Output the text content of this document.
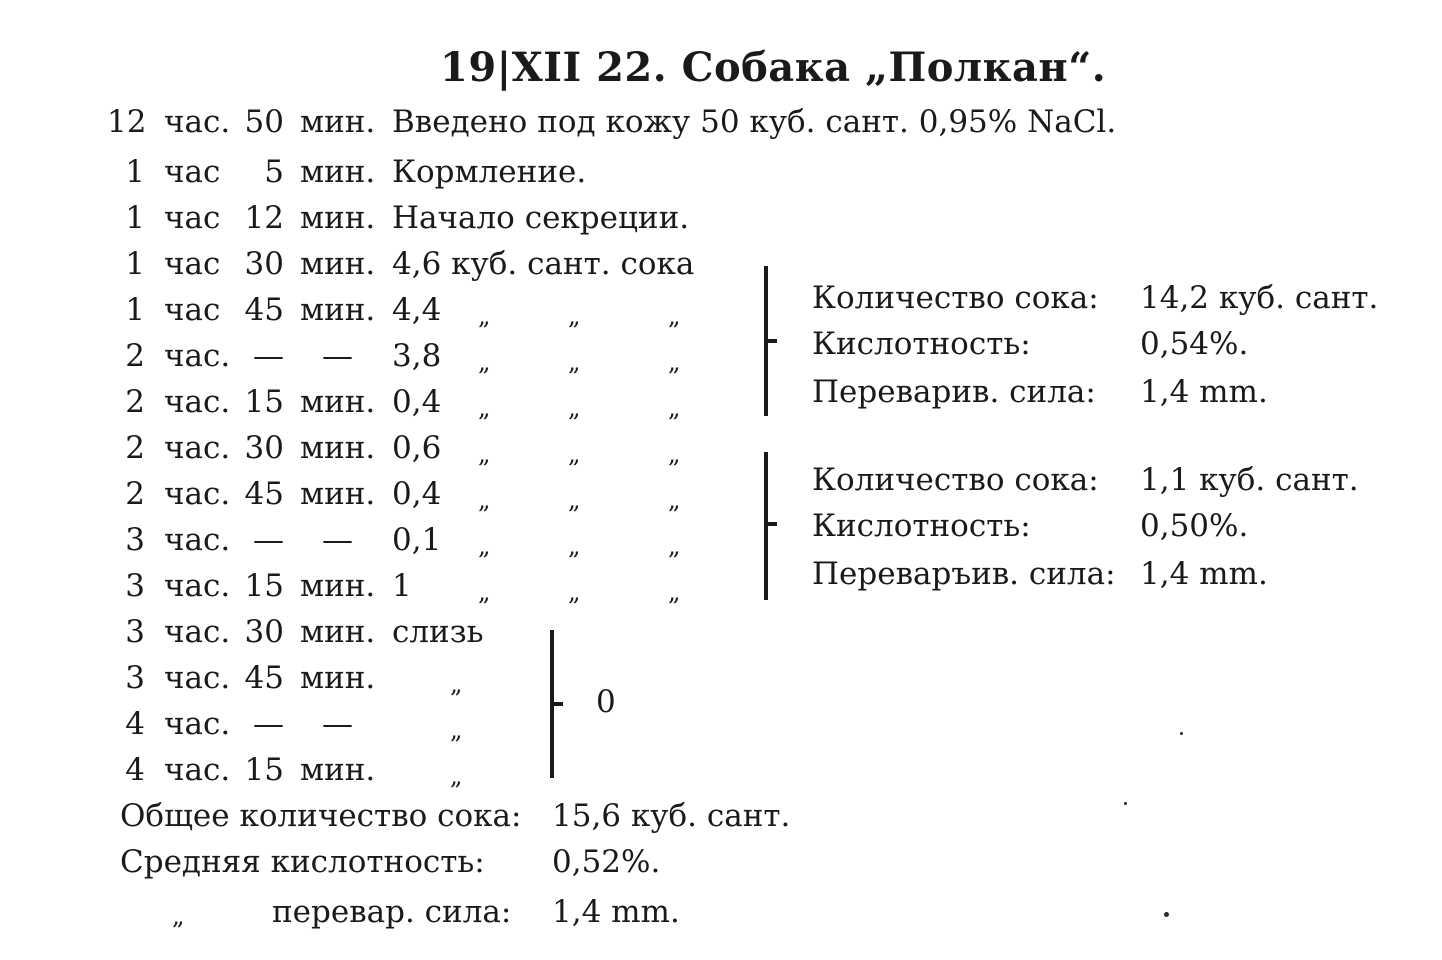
19|XII 22. Собака „Полкан“.
12 час. 50 мин. Введено под кожу 50 куб. сант. 0,95% NaCl.
1 час	5 мин. Кормление.
1 час 12 мин. Начало секреции.
1 час 30 мин. 4,6 куб. сант. сока
1 час 45 мин. 4,4 „	„	„
2 час. — — 3,8 „	„	„
2 час. 15 мин. 0,4 „	„	„
2 час. 30 мин. 0,6 „	„	„
2 час. 45 мин. 0,4 „	„	„
3 час. — — 0,1 „	„	„
3 час. 15 мин. 1	„	„	„
3 час. 30 мин. слизь
3 час. 45 мин.	„
4 час. — —	„
4 час. 15 мин.	„
Количество сока: 14,2 куб. сант.
Кислотность:	0,54%.
Переварив. сила: 1,4 mm.
Количество сока: 1,1 куб. сант.
Кислотность:	0,50%.
Переваръив. сила: 1,4 mm.
0
Общее количество сока: 15,6 куб. сант.
Средняя кислотность: 0,52%.
„	перевар. сила: 1,4 mm.
